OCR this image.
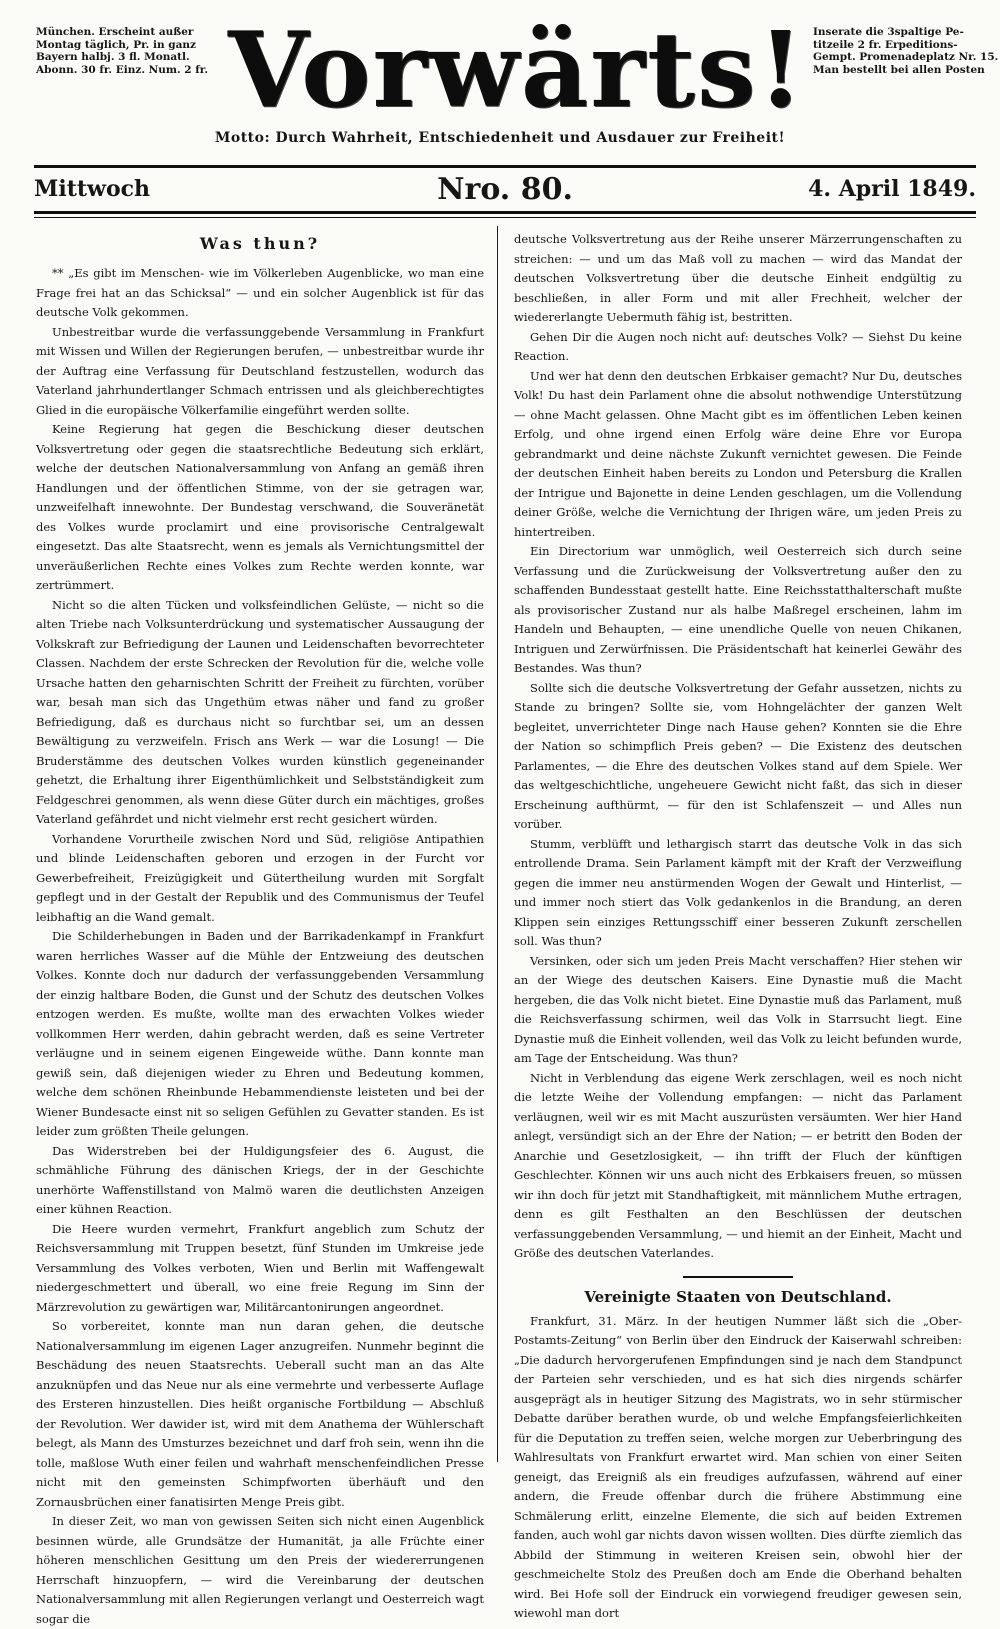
München. Erscheint außer
Montag täglich, Pr. in ganz
Bayern halbj. 3 fl. Monatl.
Abonn. 30 fr. Einz. Num. 2 fr. Vorwärts! Inserate die 3spaltige Pe-
titzeile 2 fr. Erpeditions-
Gempt. Promenadeplatz Nr. 15.
Man bestellt bei allen Posten
Motto: Durch Wahrheit, Entschiedenheit und Ausdauer zur Freiheit!
Mittwoch	Nro. 80.	4. April 1849.
Was thun?

** „Es gibt im Menschen- wie im Völkerleben Augenblicke, wo man eine Frage frei hat an das Schicksal“ — und ein solcher Augenblick ist für das deutsche Volk gekommen.

Unbestreitbar wurde die verfassunggebende Versammlung in Frankfurt mit Wissen und Willen der Regierungen berufen, — unbestreitbar wurde ihr der Auftrag eine Verfassung für Deutschland festzustellen, wodurch das Vaterland jahrhundertlanger Schmach entrissen und als gleichberechtigtes Glied in die europäische Völkerfamilie eingeführt werden sollte.

Keine Regierung hat gegen die Beschickung dieser deutschen Volksvertretung oder gegen die staatsrechtliche Bedeutung sich erklärt, welche der deutschen Nationalversammlung von Anfang an gemäß ihren Handlungen und der öffentlichen Stimme, von der sie getragen war, unzweifelhaft innewohnte. Der Bundestag verschwand, die Souveränetät des Volkes wurde proclamirt und eine provisorische Centralgewalt eingesetzt. Das alte Staatsrecht, wenn es jemals als Vernichtungsmittel der unveräußerlichen Rechte eines Volkes zum Rechte werden konnte, war zertrümmert.

Nicht so die alten Tücken und volksfeindlichen Gelüste, — nicht so die alten Triebe nach Volksunterdrückung und systematischer Aussaugung der Volkskraft zur Befriedigung der Launen und Leidenschaften bevorrechteter Classen. Nachdem der erste Schrecken der Revolution für die, welche volle Ursache hatten den geharnischten Schritt der Freiheit zu fürchten, vorüber war, besah man sich das Ungethüm etwas näher und fand zu großer Befriedigung, daß es durchaus nicht so furchtbar sei, um an dessen Bewältigung zu verzweifeln. Frisch ans Werk — war die Losung! — Die Bruderstämme des deutschen Volkes wurden künstlich gegeneinander gehetzt, die Erhaltung ihrer Eigenthümlichkeit und Selbstständigkeit zum Feldgeschrei genommen, als wenn diese Güter durch ein mächtiges, großes Vaterland gefährdet und nicht vielmehr erst recht gesichert würden.

Vorhandene Vorurtheile zwischen Nord und Süd, religiöse Antipathien und blinde Leidenschaften geboren und erzogen in der Furcht vor Gewerbefreiheit, Freizügigkeit und Gütertheilung wurden mit Sorgfalt gepflegt und in der Gestalt der Republik und des Communismus der Teufel leibhaftig an die Wand gemalt.

Die Schilderhebungen in Baden und der Barrikadenkampf in Frankfurt waren herrliches Wasser auf die Mühle der Entzweiung des deutschen Volkes. Konnte doch nur dadurch der verfassunggebenden Versammlung der einzig haltbare Boden, die Gunst und der Schutz des deutschen Volkes entzogen werden. Es mußte, wollte man des erwachten Volkes wieder vollkommen Herr werden, dahin gebracht werden, daß es seine Vertreter verläugne und in seinem eigenen Eingeweide wüthe. Dann konnte man gewiß sein, daß diejenigen wieder zu Ehren und Bedeutung kommen, welche dem schönen Rheinbunde Hebammendienste leisteten und bei der Wiener Bundesacte einst nit so seligen Gefühlen zu Gevatter standen. Es ist leider zum größten Theile gelungen.

Das Widerstreben bei der Huldigungsfeier des 6. August, die schmähliche Führung des dänischen Kriegs, der in der Geschichte unerhörte Waffenstillstand von Malmö waren die deutlichsten Anzeigen einer kühnen Reaction.

Die Heere wurden vermehrt, Frankfurt angeblich zum Schutz der Reichsversammlung mit Truppen besetzt, fünf Stunden im Umkreise jede Versammlung des Volkes verboten, Wien und Berlin mit Waffengewalt niedergeschmettert und überall, wo eine freie Regung im Sinn der Märzrevolution zu gewärtigen war, Militärcantonirungen angeordnet.

So vorbereitet, konnte man nun daran gehen, die deutsche Nationalversammlung im eigenen Lager anzugreifen. Nunmehr beginnt die Beschädung des neuen Staatsrechts. Ueberall sucht man an das Alte anzuknüpfen und das Neue nur als eine vermehrte und verbesserte Auflage des Ersteren hinzustellen. Dies heißt organische Fortbildung — Abschluß der Revolution. Wer dawider ist, wird mit dem Anathema der Wühlerschaft belegt, als Mann des Umsturzes bezeichnet und darf froh sein, wenn ihn die tolle, maßlose Wuth einer feilen und wahrhaft menschenfeindlichen Presse nicht mit den gemeinsten Schimpfworten überhäuft und den Zornausbrüchen einer fanatisirten Menge Preis gibt.

In dieser Zeit, wo man von gewissen Seiten sich nicht einen Augenblick besinnen würde, alle Grundsätze der Humanität, ja alle Früchte einer höheren menschlichen Gesittung um den Preis der wiedererrungenen Herrschaft hinzuopfern, — wird die Vereinbarung der deutschen Nationalversammlung mit allen Regierungen verlangt und Oesterreich wagt sogar die

deutsche Volksvertretung aus der Reihe unserer Märzerrungenschaften zu streichen: — und um das Maß voll zu machen — wird das Mandat der deutschen Volksvertretung über die deutsche Einheit endgültig zu beschließen, in aller Form und mit aller Frechheit, welcher der wiedererlangte Uebermuth fähig ist, bestritten.

Gehen Dir die Augen noch nicht auf: deutsches Volk? — Siehst Du keine Reaction.

Und wer hat denn den deutschen Erbkaiser gemacht? Nur Du, deutsches Volk! Du hast dein Parlament ohne die absolut nothwendige Unterstützung — ohne Macht gelassen. Ohne Macht gibt es im öffentlichen Leben keinen Erfolg, und ohne irgend einen Erfolg wäre deine Ehre vor Europa gebrandmarkt und deine nächste Zukunft vernichtet gewesen. Die Feinde der deutschen Einheit haben bereits zu London und Petersburg die Krallen der Intrigue und Bajonette in deine Lenden geschlagen, um die Vollendung deiner Größe, welche die Vernichtung der Ihrigen wäre, um jeden Preis zu hintertreiben.

Ein Directorium war unmöglich, weil Oesterreich sich durch seine Verfassung und die Zurückweisung der Volksvertretung außer den zu schaffenden Bundesstaat gestellt hatte. Eine Reichsstatthalterschaft mußte als provisorischer Zustand nur als halbe Maßregel erscheinen, lahm im Handeln und Behaupten, — eine unendliche Quelle von neuen Chikanen, Intriguen und Zerwürfnissen. Die Präsidentschaft hat keinerlei Gewähr des Bestandes. Was thun?

Sollte sich die deutsche Volksvertretung der Gefahr aussetzen, nichts zu Stande zu bringen? Sollte sie, vom Hohngelächter der ganzen Welt begleitet, unverrichteter Dinge nach Hause gehen? Konnten sie die Ehre der Nation so schimpflich Preis geben? — Die Existenz des deutschen Parlamentes, — die Ehre des deutschen Volkes stand auf dem Spiele. Wer das weltgeschichtliche, ungeheuere Gewicht nicht faßt, das sich in dieser Erscheinung aufthürmt, — für den ist Schlafenszeit — und Alles nun vorüber.

Stumm, verblüfft und lethargisch starrt das deutsche Volk in das sich entrollende Drama. Sein Parlament kämpft mit der Kraft der Verzweiflung gegen die immer neu anstürmenden Wogen der Gewalt und Hinterlist, — und immer noch stiert das Volk gedankenlos in die Brandung, an deren Klippen sein einziges Rettungsschiff einer besseren Zukunft zerschellen soll. Was thun?

Versinken, oder sich um jeden Preis Macht verschaffen? Hier stehen wir an der Wiege des deutschen Kaisers. Eine Dynastie muß die Macht hergeben, die das Volk nicht bietet. Eine Dynastie muß das Parlament, muß die Reichsverfassung schirmen, weil das Volk in Starrsucht liegt. Eine Dynastie muß die Einheit vollenden, weil das Volk zu leicht befunden wurde, am Tage der Entscheidung. Was thun?

Nicht in Verblendung das eigene Werk zerschlagen, weil es noch nicht die letzte Weihe der Vollendung empfangen: — nicht das Parlament verläugnen, weil wir es mit Macht auszurüsten versäumten. Wer hier Hand anlegt, versündigt sich an der Ehre der Nation; — er betritt den Boden der Anarchie und Gesetzlosigkeit, — ihn trifft der Fluch der künftigen Geschlechter. Können wir uns auch nicht des Erbkaisers freuen, so müssen wir ihn doch für jetzt mit Standhaftigkeit, mit männlichem Muthe ertragen, denn es gilt Festhalten an den Beschlüssen der deutschen verfassunggebenden Versammlung, — und hiemit an der Einheit, Macht und Größe des deutschen Vaterlandes.

Vereinigte Staaten von Deutschland.

Frankfurt, 31. März. In der heutigen Nummer läßt sich die „Ober-Postamts-Zeitung“ von Berlin über den Eindruck der Kaiserwahl schreiben: „Die dadurch hervorgerufenen Empfindungen sind je nach dem Standpunct der Parteien sehr verschieden, und es hat sich dies nirgends schärfer ausgeprägt als in heutiger Sitzung des Magistrats, wo in sehr stürmischer Debatte darüber berathen wurde, ob und welche Empfangsfeierlichkeiten für die Deputation zu treffen seien, welche morgen zur Ueberbringung des Wahlresultats von Frankfurt erwartet wird. Man schien von einer Seiten geneigt, das Ereigniß als ein freudiges aufzufassen, während auf einer andern, die Freude offenbar durch die frühere Abstimmung eine Schmälerung erlitt, einzelne Elemente, die sich auf beiden Extremen fanden, auch wohl gar nichts davon wissen wollten. Dies dürfte ziemlich das Abbild der Stimmung in weiteren Kreisen sein, obwohl hier der geschmeichelte Stolz des Preußen doch am Ende die Oberhand behalten wird. Bei Hofe soll der Eindruck ein vorwiegend freudiger gewesen sein, wiewohl man dort
